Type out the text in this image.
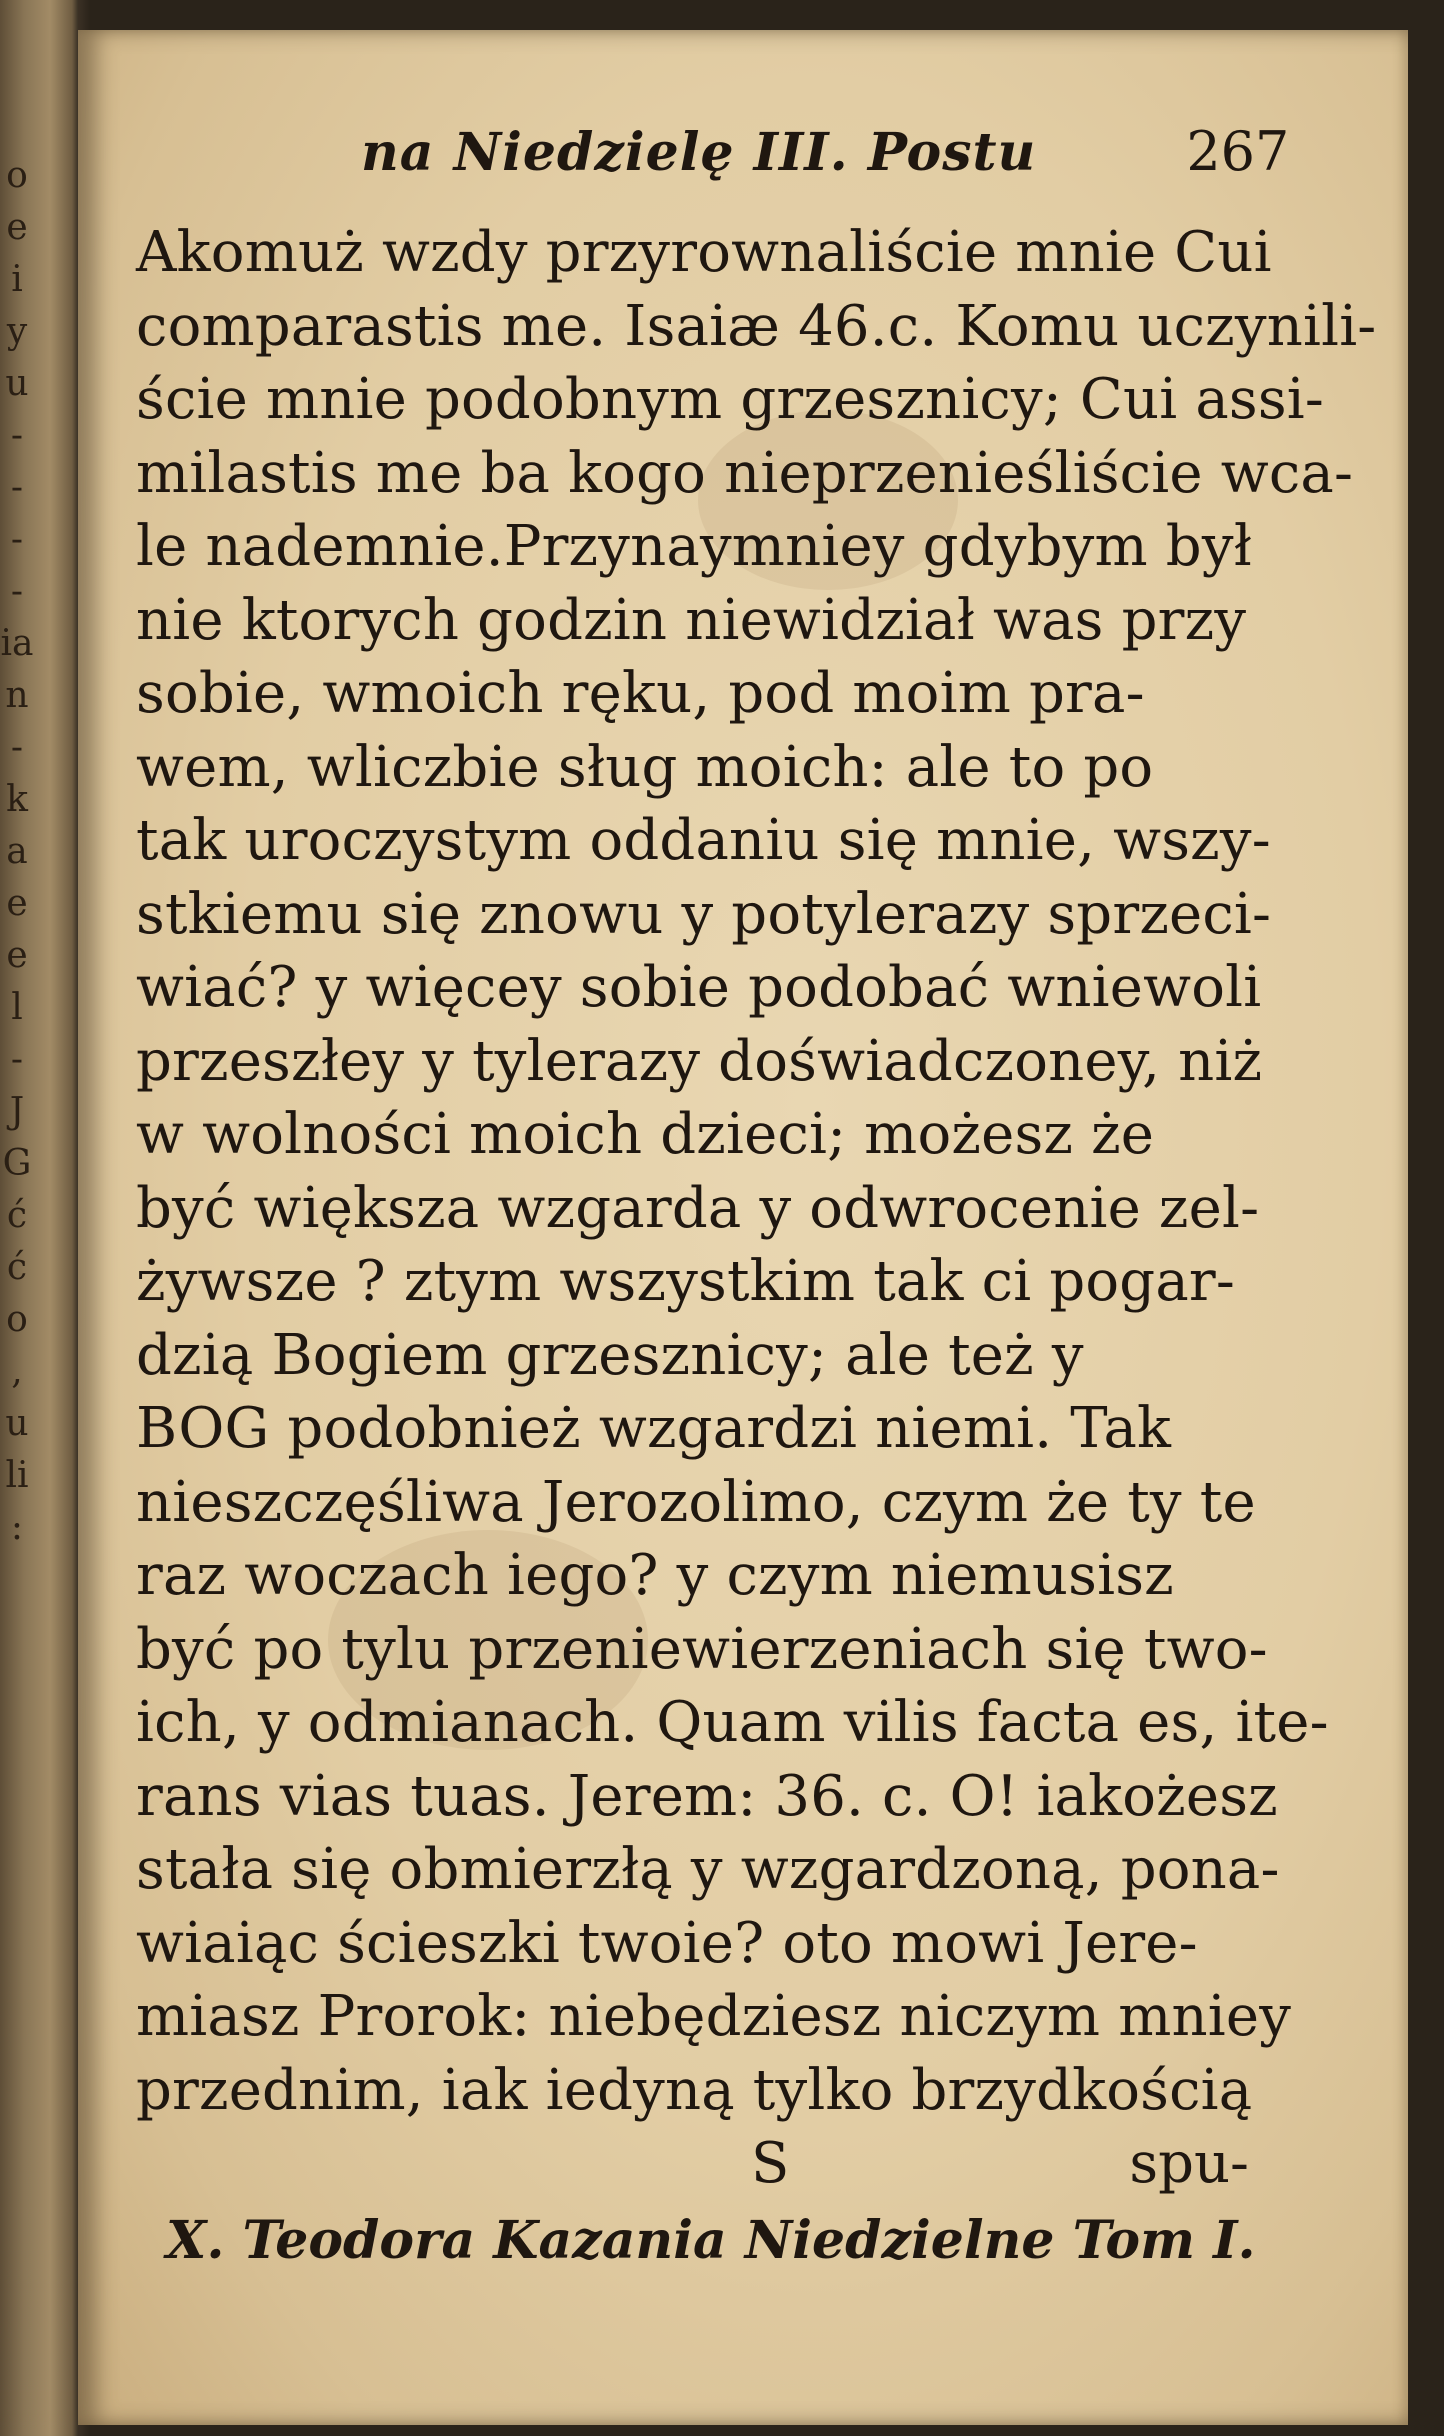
o
e
i
y
u
-
-
-
-
ia
n
-
k
a
e
e
l
-
J
G
ć
ć
o
,
u
li
:
na Niedzielę III. Postu	267
Akomuż wzdy przyrownaliście mnie Cui
comparastis me. Isaiæ 46.c. Komu uczynili-
ście mnie podobnym grzesznicy; Cui assi-
milastis me ba kogo nieprzenieśliście wca-
le nademnie.Przynaymniey gdybym był
nie ktorych godzin niewidział was przy
sobie, wmoich ręku, pod moim pra-
wem, wliczbie sług moich: ale to po
tak uroczystym oddaniu się mnie, wszy-
stkiemu się znowu y potylerazy sprzeci-
wiać? y więcey sobie podobać wniewoli
przeszłey y tylerazy doświadczoney, niż
w wolności moich dzieci; możesz że
być większa wzgarda y odwrocenie zel-
żywsze ? ztym wszystkim tak ci pogar-
dzią Bogiem grzesznicy; ale też y
BOG podobnież wzgardzi niemi. Tak
nieszczęśliwa Jerozolimo, czym że ty te
raz woczach iego? y czym niemusisz
być po tylu przeniewierzeniach się two-
ich, y odmianach. Quam vilis facta es, ite-
rans vias tuas. Jerem: 36. c. O! iakożesz
stała się obmierzłą y wzgardzoną, pona-
wiaiąc ścieszki twoie? oto mowi Jere-
miasz Prorok: niebędziesz niczym mniey
przednim, iak iedyną tylko brzydkością
S	spu-
X. Teodora Kazania Niedzielne Tom I.
